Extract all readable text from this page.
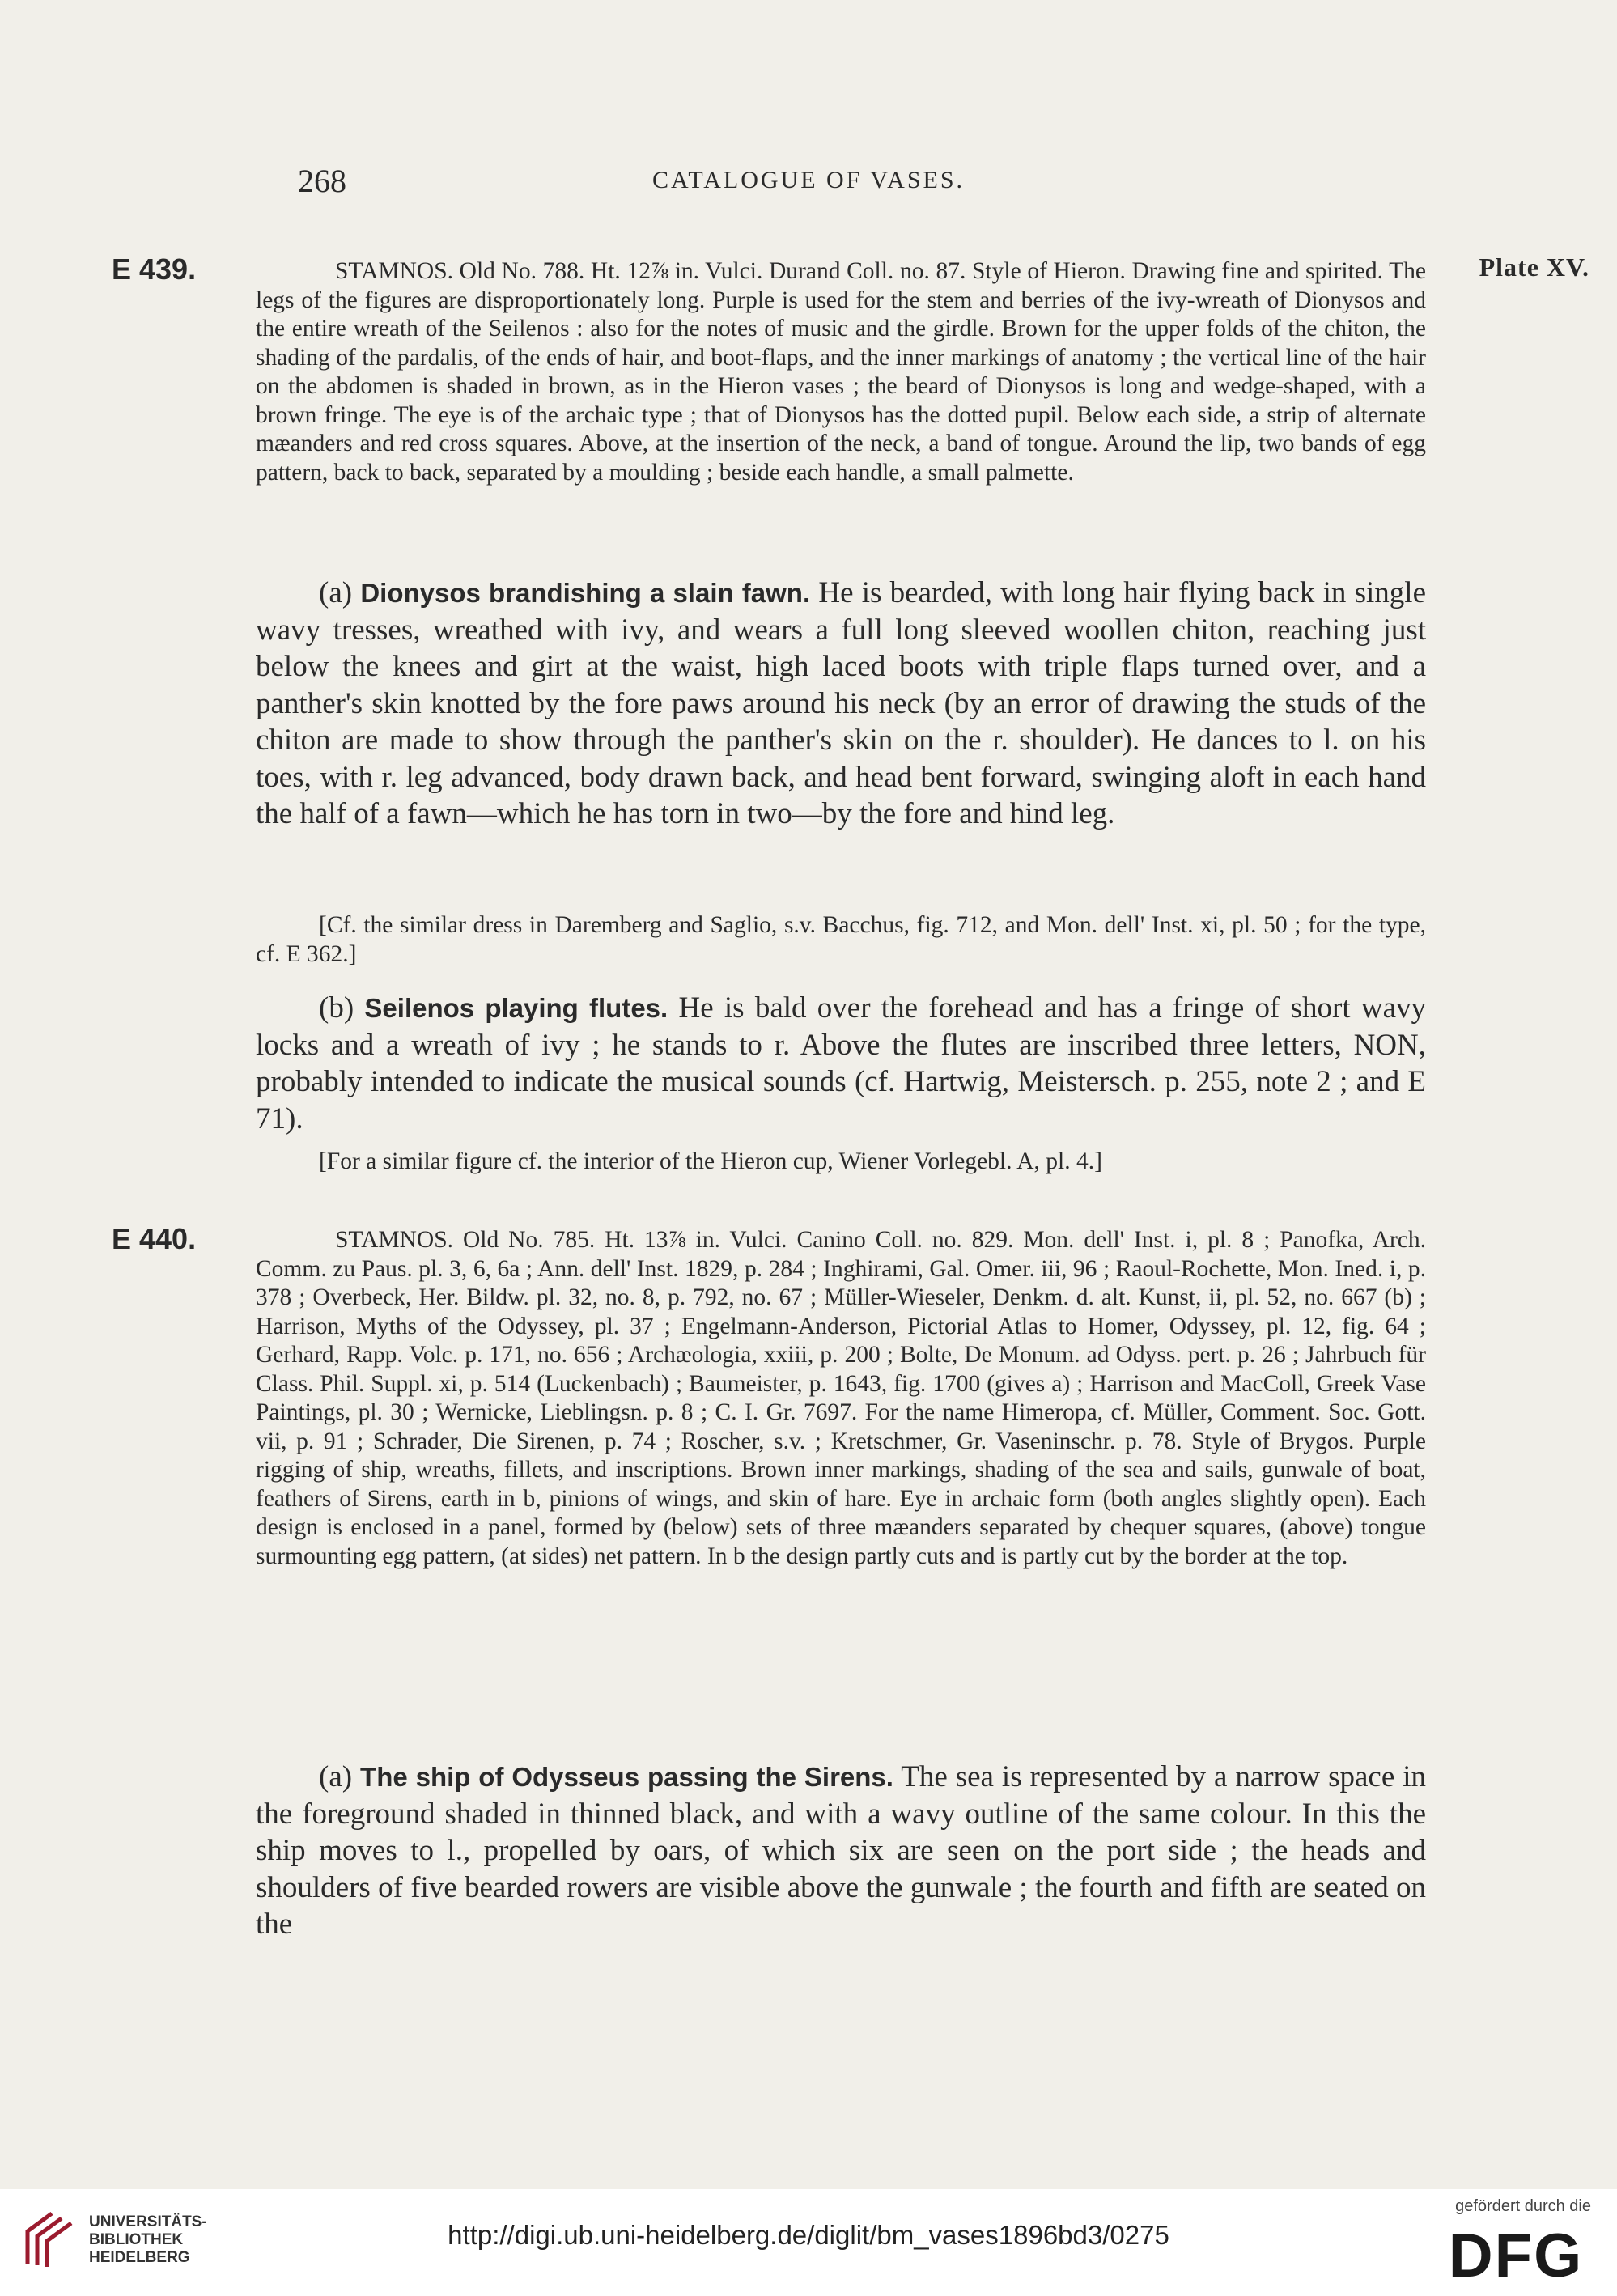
268	CATALOGUE OF VASES.
E 439.	Plate XV.
STAMNOS. Old No. 788. Ht. 12⅞ in. Vulci. Durand Coll. no. 87. Style of Hieron. Drawing fine and spirited. The legs of the figures are disproportionately long. Purple is used for the stem and berries of the ivy-wreath of Dionysos and the entire wreath of the Seilenos : also for the notes of music and the girdle. Brown for the upper folds of the chiton, the shading of the pardalis, of the ends of hair, and boot-flaps, and the inner markings of anatomy ; the vertical line of the hair on the abdomen is shaded in brown, as in the Hieron vases ; the beard of Dionysos is long and wedge-shaped, with a brown fringe. The eye is of the archaic type ; that of Dionysos has the dotted pupil. Below each side, a strip of alternate mæanders and red cross squares. Above, at the insertion of the neck, a band of tongue. Around the lip, two bands of egg pattern, back to back, separated by a moulding ; beside each handle, a small palmette.

(a) Dionysos brandishing a slain fawn. He is bearded, with long hair flying back in single wavy tresses, wreathed with ivy, and wears a full long sleeved woollen chiton, reaching just below the knees and girt at the waist, high laced boots with triple flaps turned over, and a panther's skin knotted by the fore paws around his neck (by an error of drawing the studs of the chiton are made to show through the panther's skin on the r. shoulder). He dances to l. on his toes, with r. leg advanced, body drawn back, and head bent forward, swinging aloft in each hand the half of a fawn—which he has torn in two—by the fore and hind leg.

[Cf. the similar dress in Daremberg and Saglio, s.v. Bacchus, fig. 712, and Mon. dell' Inst. xi, pl. 50 ; for the type, cf. E 362.]

(b) Seilenos playing flutes. He is bald over the forehead and has a fringe of short wavy locks and a wreath of ivy ; he stands to r. Above the flutes are inscribed three letters, NON, probably intended to indicate the musical sounds (cf. Hartwig, Meistersch. p. 255, note 2 ; and E 71).

[For a similar figure cf. the interior of the Hieron cup, Wiener Vorlegebl. A, pl. 4.]
E 440.	STAMNOS. Old No. 785. Ht. 13⅞ in. Vulci. Canino Coll. no. 829. Mon. dell' Inst. i, pl. 8 ; Panofka, Arch. Comm. zu Paus. pl. 3, 6, 6a ; Ann. dell' Inst. 1829, p. 284 ; Inghirami, Gal. Omer. iii, 96 ; Raoul-Rochette, Mon. Ined. i, p. 378 ; Overbeck, Her. Bildw. pl. 32, no. 8, p. 792, no. 67 ; Müller-Wieseler, Denkm. d. alt. Kunst, ii, pl. 52, no. 667 (b) ; Harrison, Myths of the Odyssey, pl. 37 ; Engelmann-Anderson, Pictorial Atlas to Homer, Odyssey, pl. 12, fig. 64 ; Gerhard, Rapp. Volc. p. 171, no. 656 ; Archæologia, xxiii, p. 200 ; Bolte, De Monum. ad Odyss. pert. p. 26 ; Jahrbuch für Class. Phil. Suppl. xi, p. 514 (Luckenbach) ; Baumeister, p. 1643, fig. 1700 (gives a) ; Harrison and MacColl, Greek Vase Paintings, pl. 30 ; Wernicke, Lieblingsn. p. 8 ; C. I. Gr. 7697. For the name Himeropa, cf. Müller, Comment. Soc. Gott. vii, p. 91 ; Schrader, Die Sirenen, p. 74 ; Roscher, s.v. ; Kretschmer, Gr. Vaseninschr. p. 78. Style of Brygos. Purple rigging of ship, wreaths, fillets, and inscriptions. Brown inner markings, shading of the sea and sails, gunwale of boat, feathers of Sirens, earth in b, pinions of wings, and skin of hare. Eye in archaic form (both angles slightly open). Each design is enclosed in a panel, formed by (below) sets of three mæanders separated by chequer squares, (above) tongue surmounting egg pattern, (at sides) net pattern. In b the design partly cuts and is partly cut by the border at the top.

(a) The ship of Odysseus passing the Sirens. The sea is represented by a narrow space in the foreground shaded in thinned black, and with a wavy outline of the same colour. In this the ship moves to l., propelled by oars, of which six are seen on the port side ; the heads and shoulders of five bearded rowers are visible above the gunwale ; the fourth and fifth are seated on the

UNIVERSITÄTS-
BIBLIOTHEK
HEIDELBERG
http://digi.ub.uni-heidelberg.de/diglit/bm_vases1896bd3/0275
gefördert durch die
DFG
